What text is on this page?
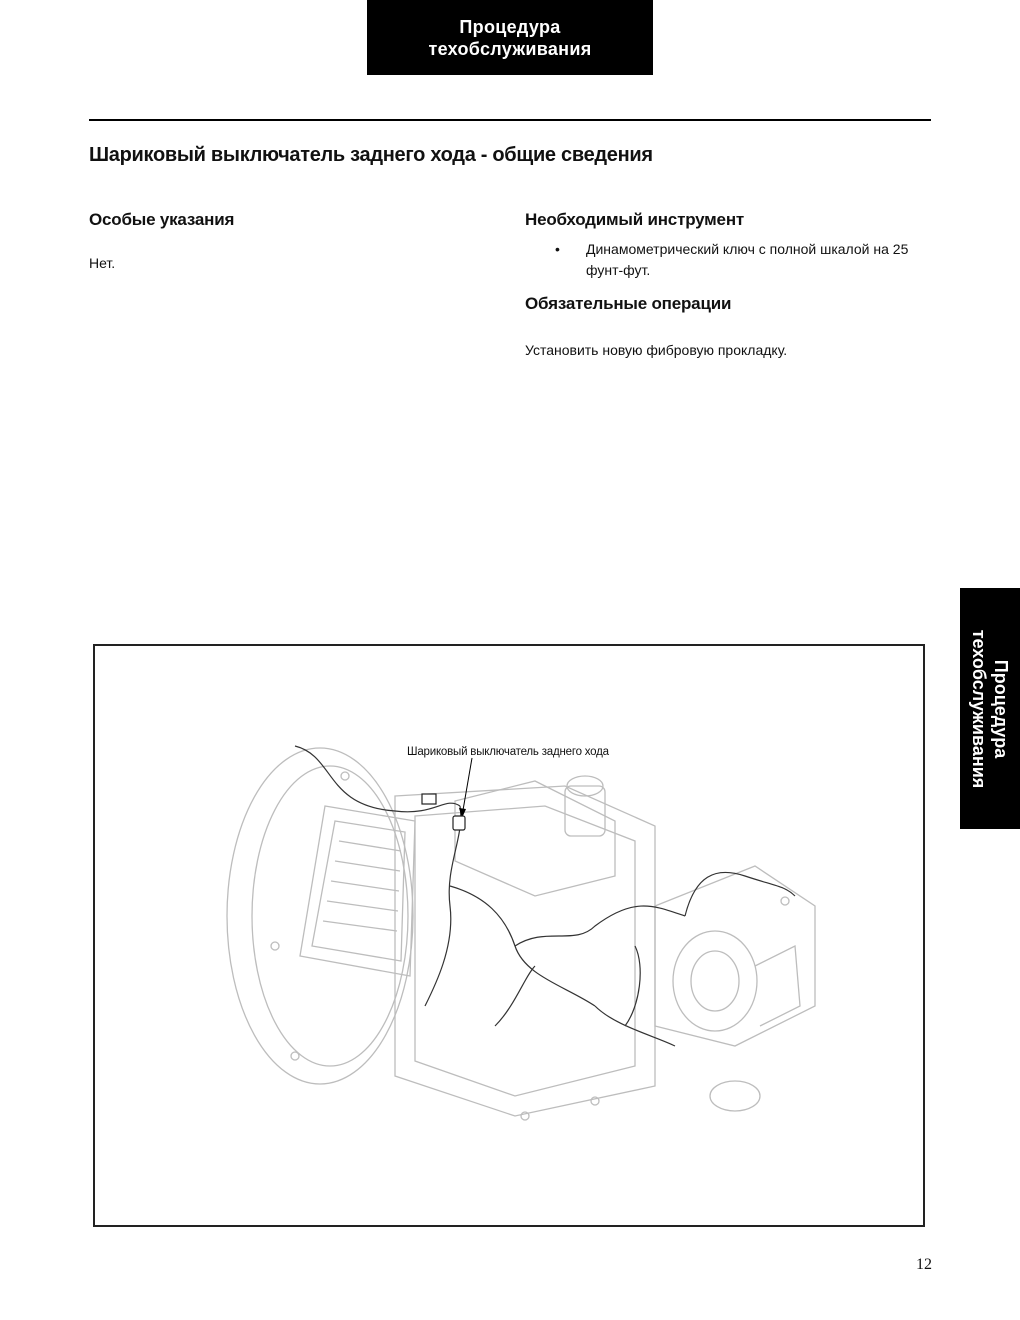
Процедура
техобслуживания
Шариковый выключатель заднего хода - общие сведения
Особые указания

Нет.

Необходимый инструмент
• Динамометрический ключ с полной шкалой на 25 фунт-фут.

Обязательные операции

Установить новую фибровую прокладку.

Процедура
техобслуживания
Шариковый выключатель заднего хода
12
